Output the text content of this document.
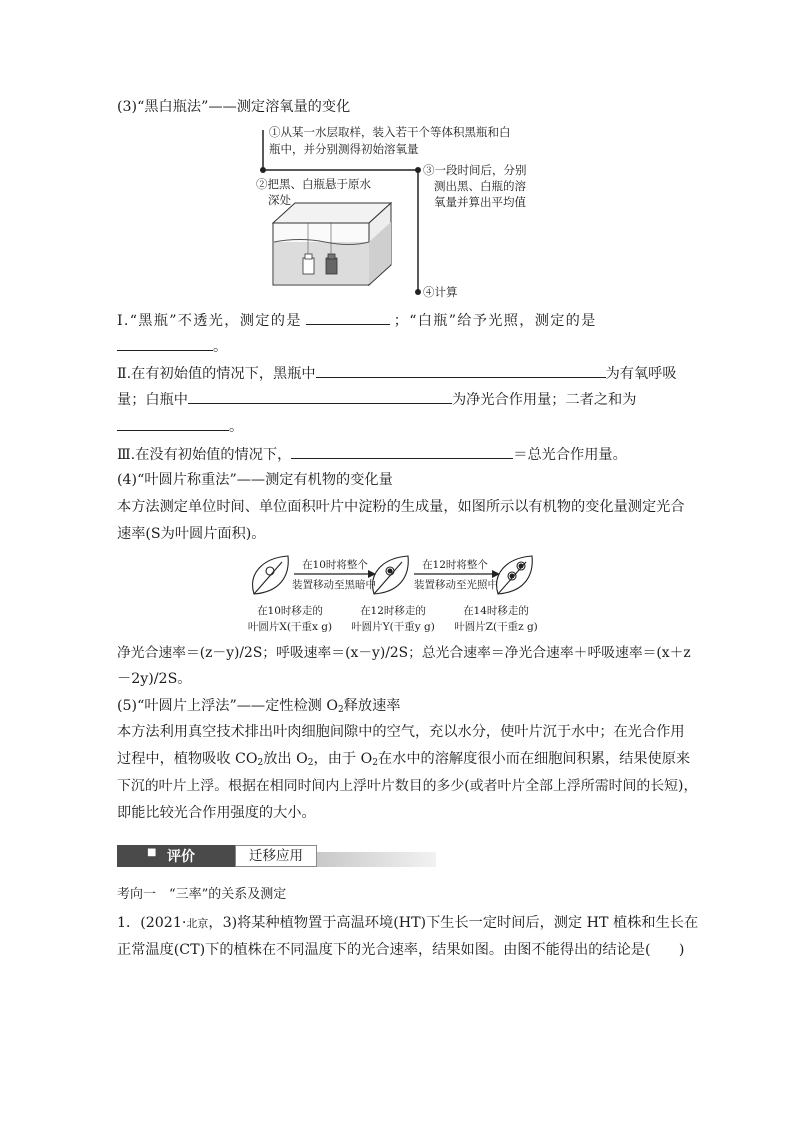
(3)“黑白瓶法”——测定溶氧量的变化
①从某一水层取样，装入若干个等体积黑瓶和白
瓶中，并分别测得初始溶氧量
②把黑、白瓶悬于原水
深处
③一段时间后，分别
测出黑、白瓶的溶
氧量并算出平均值
④计算
Ⅰ.“黑瓶”不透光，测定的是	；“白瓶”给予光照，测定的是
。
Ⅱ.在有初始值的情况下，黑瓶中	为有氧呼吸
量；白瓶中	为净光合作用量；二者之和为
。
Ⅲ.在没有初始值的情况下，	＝总光合作用量。
(4)“叶圆片称重法”——测定有机物的变化量
本方法测定单位时间、单位面积叶片中淀粉的生成量，如图所示以有机物的变化量测定光合
速率(S为叶圆片面积)。
在10时将整个
装置移动至黑暗中
在12时将整个
装置移动至光照中
在10时移走的
叶圆片X(干重x g)
在12时移走的
叶圆片Y(干重y g)
在14时移走的
叶圆片Z(干重z g)
净光合速率＝(z－y)/2S；呼吸速率＝(x－y)/2S；总光合速率＝净光合速率＋呼吸速率＝(x＋z
－2y)/2S。
(5)“叶圆片上浮法”——定性检测 $O_2$释放速率
本方法利用真空技术排出叶肉细胞间隙中的空气，充以水分，使叶片沉于水中；在光合作用
过程中，植物吸收 $CO_2$放出 $O_2$，由于 $O_2$在水中的溶解度很小而在细胞间积累，结果使原来
下沉的叶片上浮。根据在相同时间内上浮叶片数目的多少(或者叶片全部上浮所需时间的长短)，
即能比较光合作用强度的大小。
■ 评价	迁移应用
考向一　“三率”的关系及测定
1．(2021·北京，3)将某种植物置于高温环境(HT)下生长一定时间后，测定 HT 植株和生长在
正常温度(CT)下的植株在不同温度下的光合速率，结果如图。由图不能得出的结论是(　　)
